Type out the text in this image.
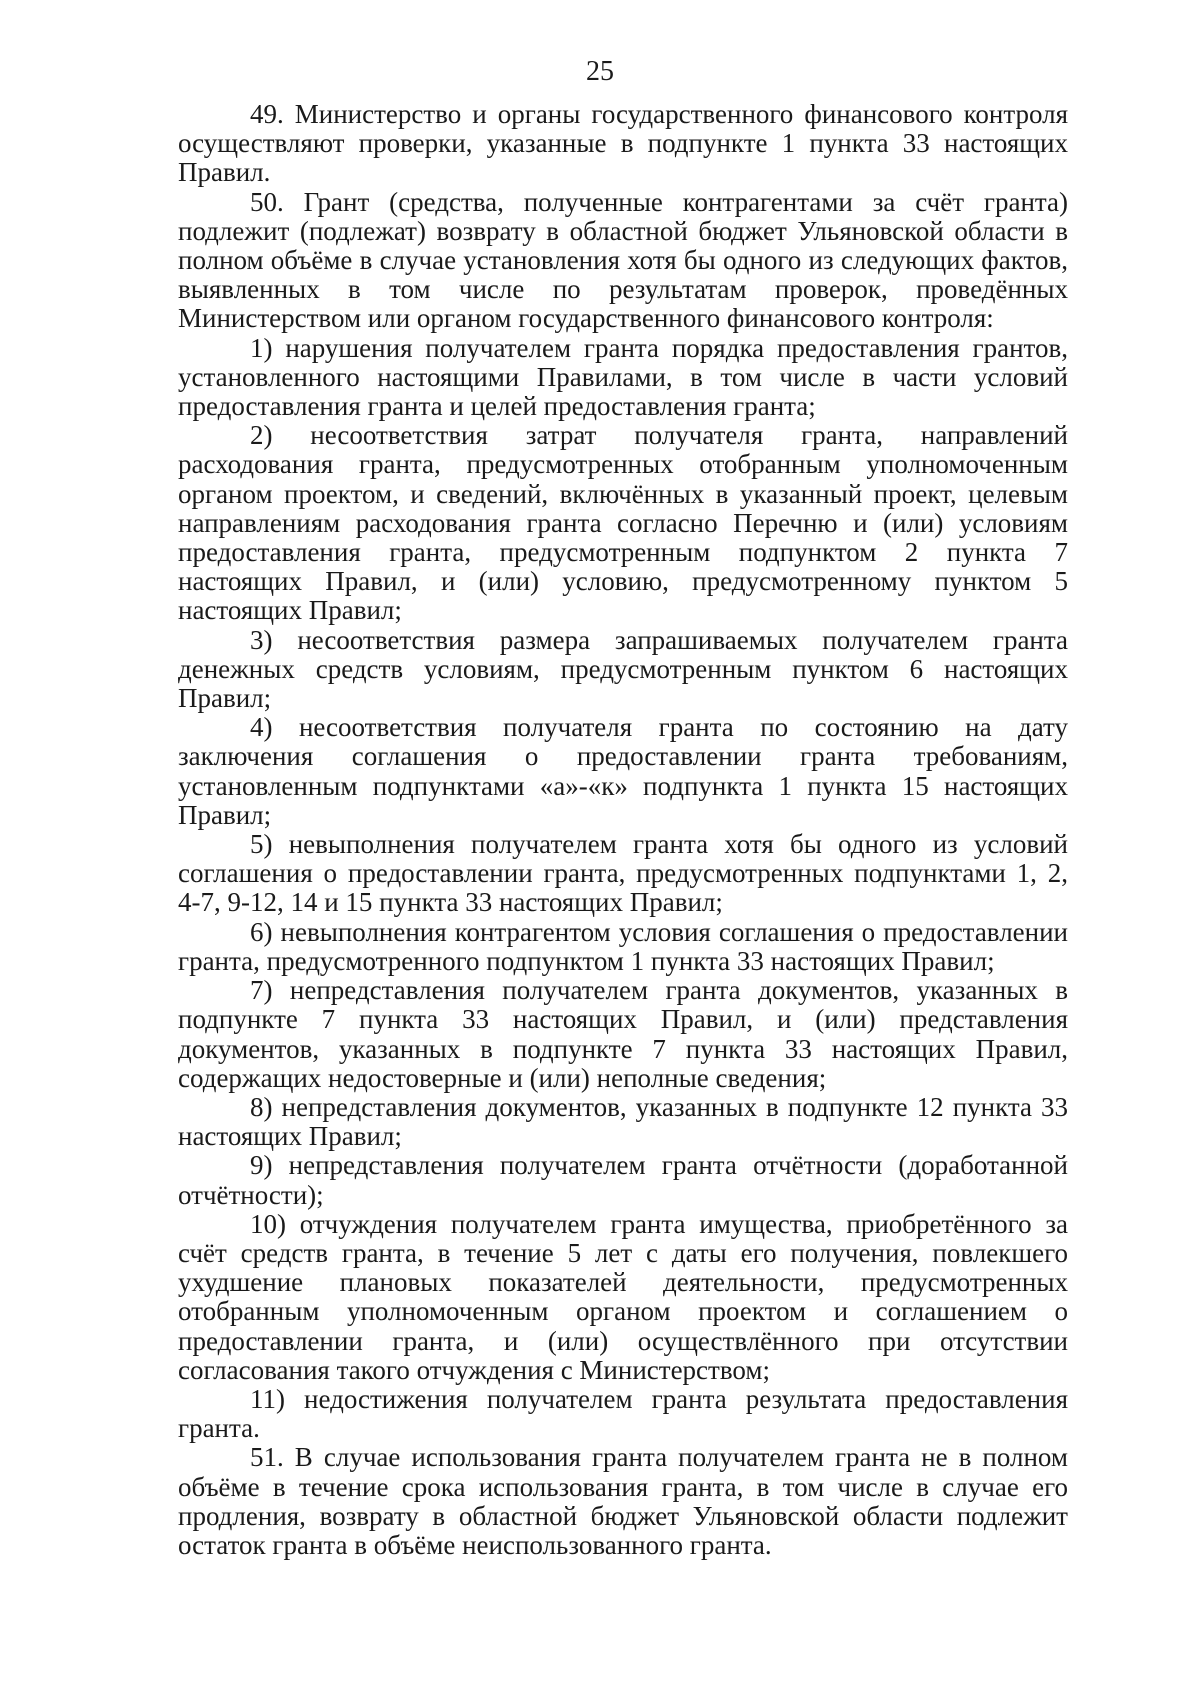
25

49. Министерство и органы государственного финансового контроля осуществляют проверки, указанные в подпункте 1 пункта 33 настоящих Правил.

50. Грант (средства, полученные контрагентами за счёт гранта) подлежит (подлежат) возврату в областной бюджет Ульяновской области в полном объёме в случае установления хотя бы одного из следующих фактов, выявленных в том числе по результатам проверок, проведённых Министерством или органом государственного финансового контроля:

1) нарушения получателем гранта порядка предоставления грантов, установленного настоящими Правилами, в том числе в части условий предоставления гранта и целей предоставления гранта;

2) несоответствия затрат получателя гранта, направлений расходования гранта, предусмотренных отобранным уполномоченным органом проектом, и сведений, включённых в указанный проект, целевым направлениям расходования гранта согласно Перечню и (или) условиям предоставления гранта, предусмотренным подпунктом 2 пункта 7 настоящих Правил, и (или) условию, предусмотренному пунктом 5 настоящих Правил;

3) несоответствия размера запрашиваемых получателем гранта денежных средств условиям, предусмотренным пунктом 6 настоящих Правил;

4) несоответствия получателя гранта по состоянию на дату заключения соглашения о предоставлении гранта требованиям, установленным подпунктами «а»-«к» подпункта 1 пункта 15 настоящих Правил;

5) невыполнения получателем гранта хотя бы одного из условий соглашения о предоставлении гранта, предусмотренных подпунктами 1, 2, 4-7, 9-12, 14 и 15 пункта 33 настоящих Правил;

6) невыполнения контрагентом условия соглашения о предоставлении гранта, предусмотренного подпунктом 1 пункта 33 настоящих Правил;

7) непредставления получателем гранта документов, указанных в подпункте 7 пункта 33 настоящих Правил, и (или) представления документов, указанных в подпункте 7 пункта 33 настоящих Правил, содержащих недостоверные и (или) неполные сведения;

8) непредставления документов, указанных в подпункте 12 пункта 33 настоящих Правил;

9) непредставления получателем гранта отчётности (доработанной отчётности);

10) отчуждения получателем гранта имущества, приобретённого за счёт средств гранта, в течение 5 лет с даты его получения, повлекшего ухудшение плановых показателей деятельности, предусмотренных отобранным уполномоченным органом проектом и соглашением о предоставлении гранта, и (или) осуществлённого при отсутствии согласования такого отчуждения с Министерством;

11) недостижения получателем гранта результата предоставления гранта.

51. В случае использования гранта получателем гранта не в полном объёме в течение срока использования гранта, в том числе в случае его продления, возврату в областной бюджет Ульяновской области подлежит остаток гранта в объёме неиспользованного гранта.
